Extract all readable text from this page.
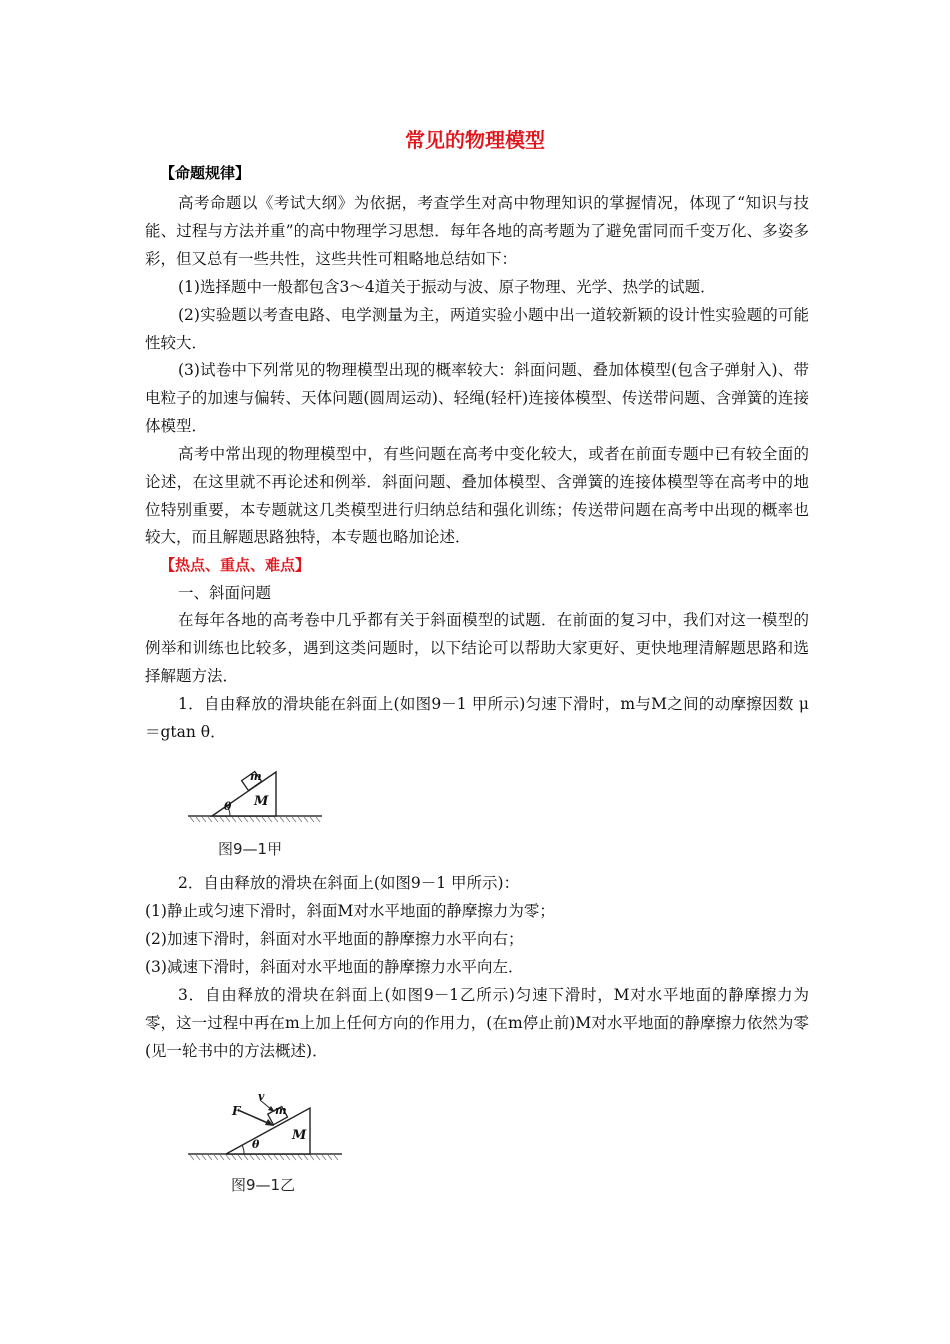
常见的物理模型
【命题规律】

高考命题以《考试大纲》为依据，考查学生对高中物理知识的掌握情况，体现了“知识与技能、过程与方法并重”的高中物理学习思想．每年各地的高考题为了避免雷同而千变万化、多姿多彩，但又总有一些共性，这些共性可粗略地总结如下：

(1)选择题中一般都包含3～4道关于振动与波、原子物理、光学、热学的试题．

(2)实验题以考查电路、电学测量为主，两道实验小题中出一道较新颖的设计性实验题的可能性较大．

(3)试卷中下列常见的物理模型出现的概率较大：斜面问题、叠加体模型(包含子弹射入)、带电粒子的加速与偏转、天体问题(圆周运动)、轻绳(轻杆)连接体模型、传送带问题、含弹簧的连接体模型．

高考中常出现的物理模型中，有些问题在高考中变化较大，或者在前面专题中已有较全面的论述，在这里就不再论述和例举．斜面问题、叠加体模型、含弹簧的连接体模型等在高考中的地位特别重要，本专题就这几类模型进行归纳总结和强化训练；传送带问题在高考中出现的概率也较大，而且解题思路独特，本专题也略加论述．

【热点、重点、难点】

一、斜面问题

在每年各地的高考卷中几乎都有关于斜面模型的试题．在前面的复习中，我们对这一模型的例举和训练也比较多，遇到这类问题时，以下结论可以帮助大家更好、更快地理清解题思路和选择解题方法．

1．自由释放的滑块能在斜面上(如图9－1 甲所示)匀速下滑时，m与M之间的动摩擦因数 μ＝gtan θ．

θ
m
M
图9—1甲

2．自由释放的滑块在斜面上(如图9－1 甲所示)：

(1)静止或匀速下滑时，斜面M对水平地面的静摩擦力为零；

(2)加速下滑时，斜面对水平地面的静摩擦力水平向右；

(3)减速下滑时，斜面对水平地面的静摩擦力水平向左．

3．自由释放的滑块在斜面上(如图9－1乙所示)匀速下滑时，M对水平地面的静摩擦力为零，这一过程中再在m上加上任何方向的作用力，(在m停止前)M对水平地面的静摩擦力依然为零(见一轮书中的方法概述)．

F
v
m
θ
M
图9—1乙
